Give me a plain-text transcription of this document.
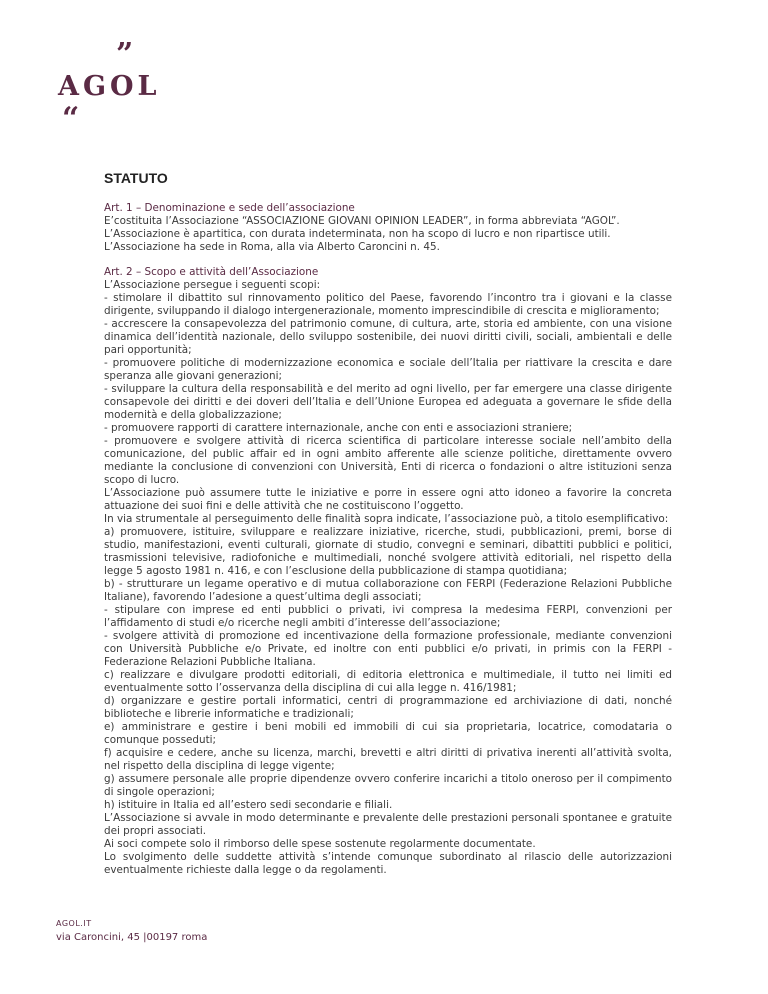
”
AGOL
“
STATUTO
Art. 1 – Denominazione e sede dell’associazione

E’costituita l’Associazione “ASSOCIAZIONE GIOVANI OPINION LEADER”, in forma abbreviata “AGOL”.

L’Associazione è apartitica, con durata indeterminata, non ha scopo di lucro e non ripartisce utili.

L’Associazione ha sede in Roma, alla via Alberto Caroncini n. 45.

Art. 2 – Scopo e attività dell’Associazione

L’Associazione persegue i seguenti scopi:

- stimolare il dibattito sul rinnovamento politico del Paese, favorendo l’incontro tra i giovani e la classe dirigente, sviluppando il dialogo intergenerazionale, momento imprescindibile di crescita e miglioramento;

- accrescere la consapevolezza del patrimonio comune, di cultura, arte, storia ed ambiente, con una visione dinamica dell’identità nazionale, dello sviluppo sostenibile, dei nuovi diritti civili, sociali, ambientali e delle pari opportunità;

- promuovere politiche di modernizzazione economica e sociale dell’Italia per riattivare la crescita e dare speranza alle giovani generazioni;

- sviluppare la cultura della responsabilità e del merito ad ogni livello, per far emergere una classe dirigente consapevole dei diritti e dei doveri dell’Italia e dell’Unione Europea ed adeguata a governare le sfide della modernità e della globalizzazione;

- promuovere rapporti di carattere internazionale, anche con enti e associazioni straniere;

- promuovere e svolgere attività di ricerca scientifica di particolare interesse sociale nell’ambito della comunicazione, del public affair ed in ogni ambito afferente alle scienze politiche, direttamente ovvero mediante la conclusione di convenzioni con Università, Enti di ricerca o fondazioni o altre istituzioni senza scopo di lucro.

L’Associazione può assumere tutte le iniziative e porre in essere ogni atto idoneo a favorire la concreta attuazione dei suoi fini e delle attività che ne costituiscono l’oggetto.

In via strumentale al perseguimento delle finalità sopra indicate, l’associazione può, a titolo esemplificativo:

a) promuovere, istituire, sviluppare e realizzare iniziative, ricerche, studi, pubblicazioni, premi, borse di studio, manifestazioni, eventi culturali, giornate di studio, convegni e seminari, dibattiti pubblici e politici, trasmissioni televisive, radiofoniche e multimediali, nonché svolgere attività editoriali, nel rispetto della legge 5 agosto 1981 n. 416, e con l’esclusione della pubblicazione di stampa quotidiana;

b) - strutturare un legame operativo e di mutua collaborazione con FERPI (Federazione Relazioni Pubbliche Italiane), favorendo l’adesione a quest’ultima degli associati;

- stipulare con imprese ed enti pubblici o privati, ivi compresa la medesima FERPI, convenzioni per l’affidamento di studi e/o ricerche negli ambiti d’interesse dell’associazione;

- svolgere attività di promozione ed incentivazione della formazione professionale, mediante convenzioni con Università Pubbliche e/o Private, ed inoltre con enti pubblici e/o privati, in primis con la FERPI - Federazione Relazioni Pubbliche Italiana.

c) realizzare e divulgare prodotti editoriali, di editoria elettronica e multimediale, il tutto nei limiti ed eventualmente sotto l’osservanza della disciplina di cui alla legge n. 416/1981;

d) organizzare e gestire portali informatici, centri di programmazione ed archiviazione di dati, nonché biblioteche e librerie informatiche e tradizionali;

e) amministrare e gestire i beni mobili ed immobili di cui sia proprietaria, locatrice, comodataria o comunque posseduti;

f) acquisire e cedere, anche su licenza, marchi, brevetti e altri diritti di privativa inerenti all’attività svolta, nel rispetto della disciplina di legge vigente;

g) assumere personale alle proprie dipendenze ovvero conferire incarichi a titolo oneroso per il compimento di singole operazioni;

h) istituire in Italia ed all’estero sedi secondarie e filiali.

L’Associazione si avvale in modo determinante e prevalente delle prestazioni personali spontanee e gratuite dei propri associati.

Ai soci compete solo il rimborso delle spese sostenute regolarmente documentate.

Lo svolgimento delle suddette attività s’intende comunque subordinato al rilascio delle autorizzazioni eventualmente richieste dalla legge o da regolamenti.

AGOL.IT
via Caroncini, 45 |00197 roma
